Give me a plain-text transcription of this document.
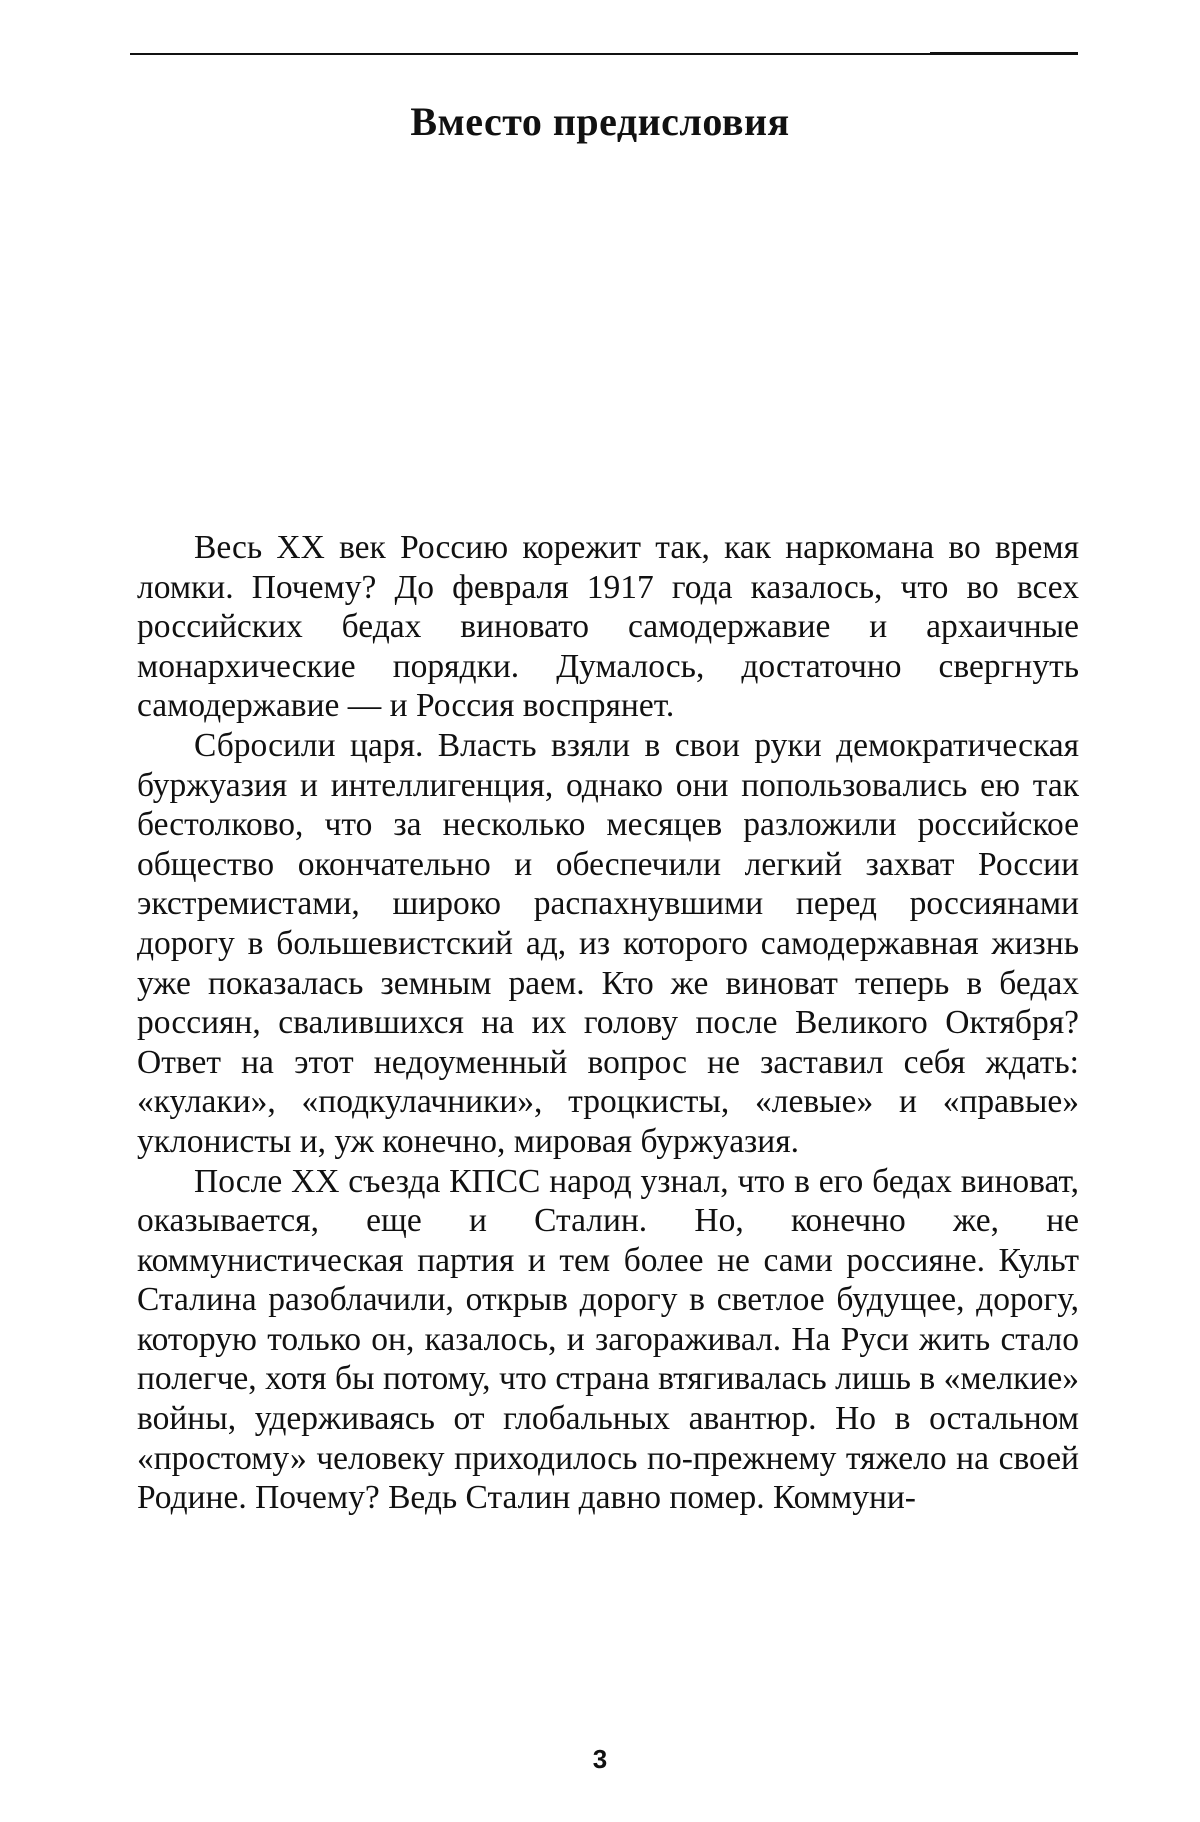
Вместо предисловия

Весь XX век Россию корежит так, как наркомана во время ломки. Почему? До февраля 1917 года казалось, что во всех российских бедах виновато самодержавие и архаичные монархические порядки. Думалось, достаточно свергнуть самодержавие — и Россия воспрянет.

Сбросили царя. Власть взяли в свои руки демократическая буржуазия и интеллигенция, однако они попользовались ею так бестолково, что за несколько месяцев разложили российское общество окончательно и обеспечили легкий захват России экстремистами, широко распахнувшими перед россиянами дорогу в большевистский ад, из которого самодержавная жизнь уже показалась земным раем. Кто же виноват теперь в бедах россиян, свалившихся на их голову после Великого Октября? Ответ на этот недоуменный вопрос не заставил себя ждать: «кулаки», «подкулачники», троцкисты, «левые» и «правые» уклонисты и, уж конечно, мировая буржуазия.

После XX съезда КПСС народ узнал, что в его бедах виноват, оказывается, еще и Сталин. Но, конечно же, не коммунистическая партия и тем более не сами россияне. Культ Сталина разоблачили, открыв дорогу в светлое будущее, дорогу, которую только он, казалось, и загораживал. На Руси жить стало полегче, хотя бы потому, что страна втягивалась лишь в «мелкие» войны, удерживаясь от глобальных авантюр. Но в остальном «простому» человеку приходилось по-прежнему тяжело на своей Родине. Почему? Ведь Сталин давно помер. Коммуни-

3
